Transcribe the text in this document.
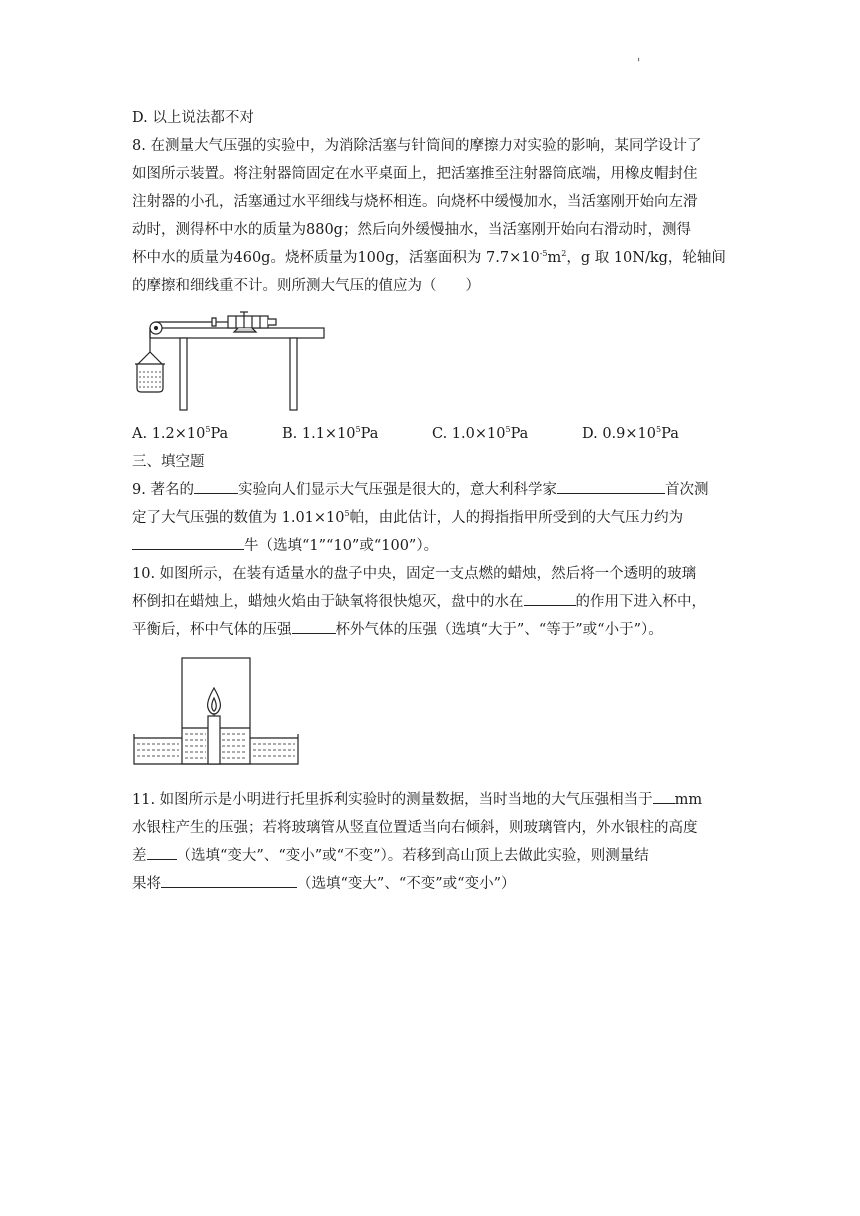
'
D. 以上说法都不对
8. 在测量大气压强的实验中，为消除活塞与针筒间的摩擦力对实验的影响，某同学设计了
如图所示装置。将注射器筒固定在水平桌面上，把活塞推至注射器筒底端，用橡皮帽封住
注射器的小孔，活塞通过水平细线与烧杯相连。向烧杯中缓慢加水，当活塞刚开始向左滑
动时，测得杯中水的质量为880g；然后向外缓慢抽水，当活塞刚开始向右滑动时，测得
杯中水的质量为460g。烧杯质量为100g，活塞面积为 $7.7\times 10^{-5}m^2$，g 取 10N/kg，轮轴间
的摩擦和细线重不计。则所测大气压的值应为（　　）
A. $1.2\times 10^5Pa$	B. $1.1\times 10^5Pa$	C. $1.0\times 10^5Pa$	D. $0.9\times 10^5Pa$
三、填空题
9. 著名的	实验向人们显示大气压强是很大的，意大利科学家	首次测
定了大气压强的数值为 $1.01\times 10^5$帕，由此估计，人的拇指指甲所受到的大气压力约为
牛（选填“1”“10”或“100”）。
10. 如图所示，在装有适量水的盘子中央，固定一支点燃的蜡烛，然后将一个透明的玻璃
杯倒扣在蜡烛上，蜡烛火焰由于缺氧将很快熄灭，盘中的水在	的作用下进入杯中，
平衡后，杯中气体的压强	杯外气体的压强（选填“大于”、“等于”或“小于”）。
11. 如图所示是小明进行托里拆利实验时的测量数据，当时当地的大气压强相当于 mm
水银柱产生的压强；若将玻璃管从竖直位置适当向右倾斜，则玻璃管内，外水银柱的高度
差 （选填“变大”、“变小”或“不变”）。若移到高山顶上去做此实验，则测量结
果将	（选填“变大”、“不变”或“变小”）
